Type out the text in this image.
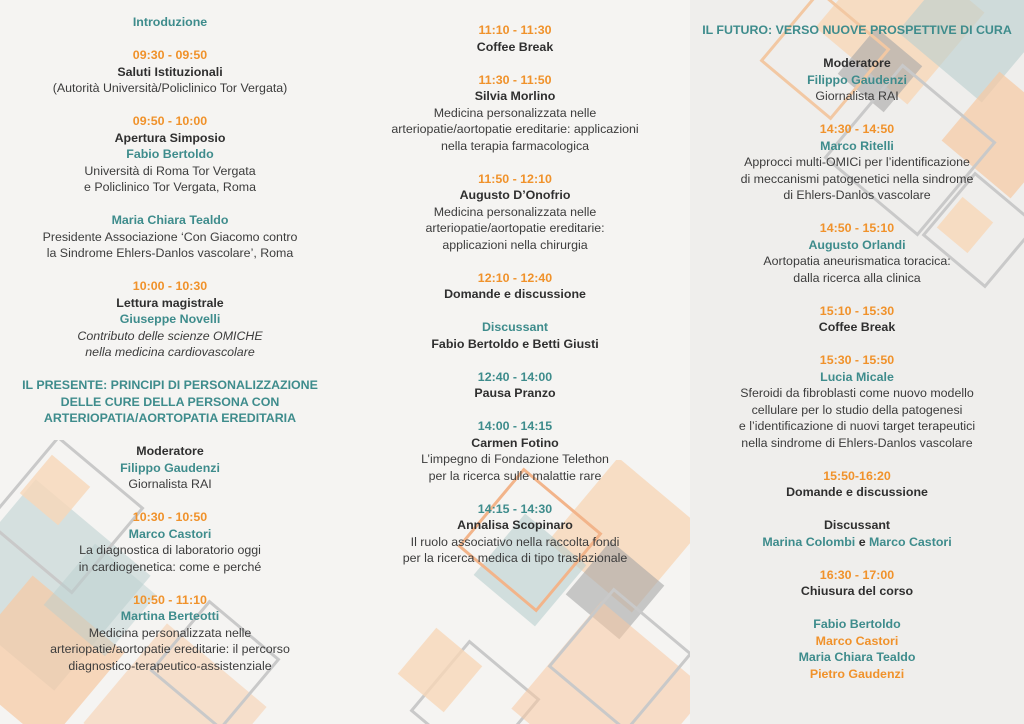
Introduzione
09:30 - 09:50
Saluti Istituzionali
(Autorità Università/Policlinico Tor Vergata)
09:50 - 10:00
Apertura Simposio
Fabio Bertoldo
Università di Roma Tor Vergata
e Policlinico Tor Vergata, Roma
Maria Chiara Tealdo
Presidente Associazione ‘Con Giacomo contro
la Sindrome Ehlers-Danlos vascolare’, Roma
10:00 - 10:30
Lettura magistrale
Giuseppe Novelli
Contributo delle scienze OMICHE
nella medicina cardiovascolare
IL PRESENTE: PRINCIPI DI PERSONALIZZAZIONE
DELLE CURE DELLA PERSONA CON
ARTERIOPATIA/AORTOPATIA EREDITARIA
Moderatore
Filippo Gaudenzi
Giornalista RAI
10:30 - 10:50
Marco Castori
La diagnostica di laboratorio oggi
in cardiogenetica: come e perché
10:50 - 11:10
Martina Berteotti
Medicina personalizzata nelle
arteriopatie/aortopatie ereditarie: il percorso
diagnostico-terapeutico-assistenziale
11:10 - 11:30
Coffee Break
11:30 - 11:50
Silvia Morlino
Medicina personalizzata nelle
arteriopatie/aortopatie ereditarie: applicazioni
nella terapia farmacologica
11:50 - 12:10
Augusto D’Onofrio
Medicina personalizzata nelle
arteriopatie/aortopatie ereditarie:
applicazioni nella chirurgia
12:10 - 12:40
Domande e discussione
Discussant
Fabio Bertoldo e Betti Giusti
12:40 - 14:00
Pausa Pranzo
14:00 - 14:15
Carmen Fotino
L’impegno di Fondazione Telethon
per la ricerca sulle malattie rare
14:15 - 14:30
Annalisa Scopinaro
Il ruolo associativo nella raccolta fondi
per la ricerca medica di tipo traslazionale
IL FUTURO: VERSO NUOVE PROSPETTIVE DI CURA
Moderatore
Filippo Gaudenzi
Giornalista RAI
14:30 - 14:50
Marco Ritelli
Approcci multi-OMICi per l’identificazione
di meccanismi patogenetici nella sindrome
di Ehlers-Danlos vascolare
14:50 - 15:10
Augusto Orlandi
Aortopatia aneurismatica toracica:
dalla ricerca alla clinica
15:10 - 15:30
Coffee Break
15:30 - 15:50
Lucia Micale
Sferoidi da fibroblasti come nuovo modello
cellulare per lo studio della patogenesi
e l’identificazione di nuovi target terapeutici
nella sindrome di Ehlers-Danlos vascolare
15:50-16:20
Domande e discussione
Discussant
Marina Colombi e Marco Castori
16:30 - 17:00
Chiusura del corso
Fabio Bertoldo
Marco Castori
Maria Chiara Tealdo
Pietro Gaudenzi
